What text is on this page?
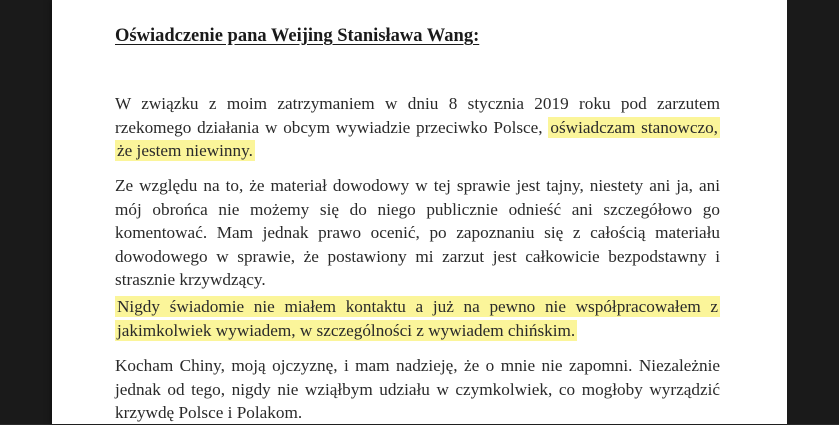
Oświadczenie pana Weijing Stanisława Wang:
W związku z moim zatrzymaniem w dniu 8 stycznia 2019 roku pod zarzutem rzekomego działania w obcym wywiadzie przeciwko Polsce, oświadczam stanowczo, że jestem niewinny.
Ze względu na to, że materiał dowodowy w tej sprawie jest tajny, niestety ani ja, ani mój obrońca nie możemy się do niego publicznie odnieść ani szczegółowo go komentować. Mam jednak prawo ocenić, po zapoznaniu się z całością materiału dowodowego w sprawie, że postawiony mi zarzut jest całkowicie bezpodstawny i strasznie krzywdzący.
Nigdy świadomie nie miałem kontaktu a już na pewno nie współpracowałem z jakimkolwiek wywiadem, w szczególności z wywiadem chińskim.
Kocham Chiny, moją ojczyznę, i mam nadzieję, że o mnie nie zapomni. Niezależnie jednak od tego, nigdy nie wziąłbym udziału w czymkolwiek, co mogłoby wyrządzić krzywdę Polsce i Polakom.
